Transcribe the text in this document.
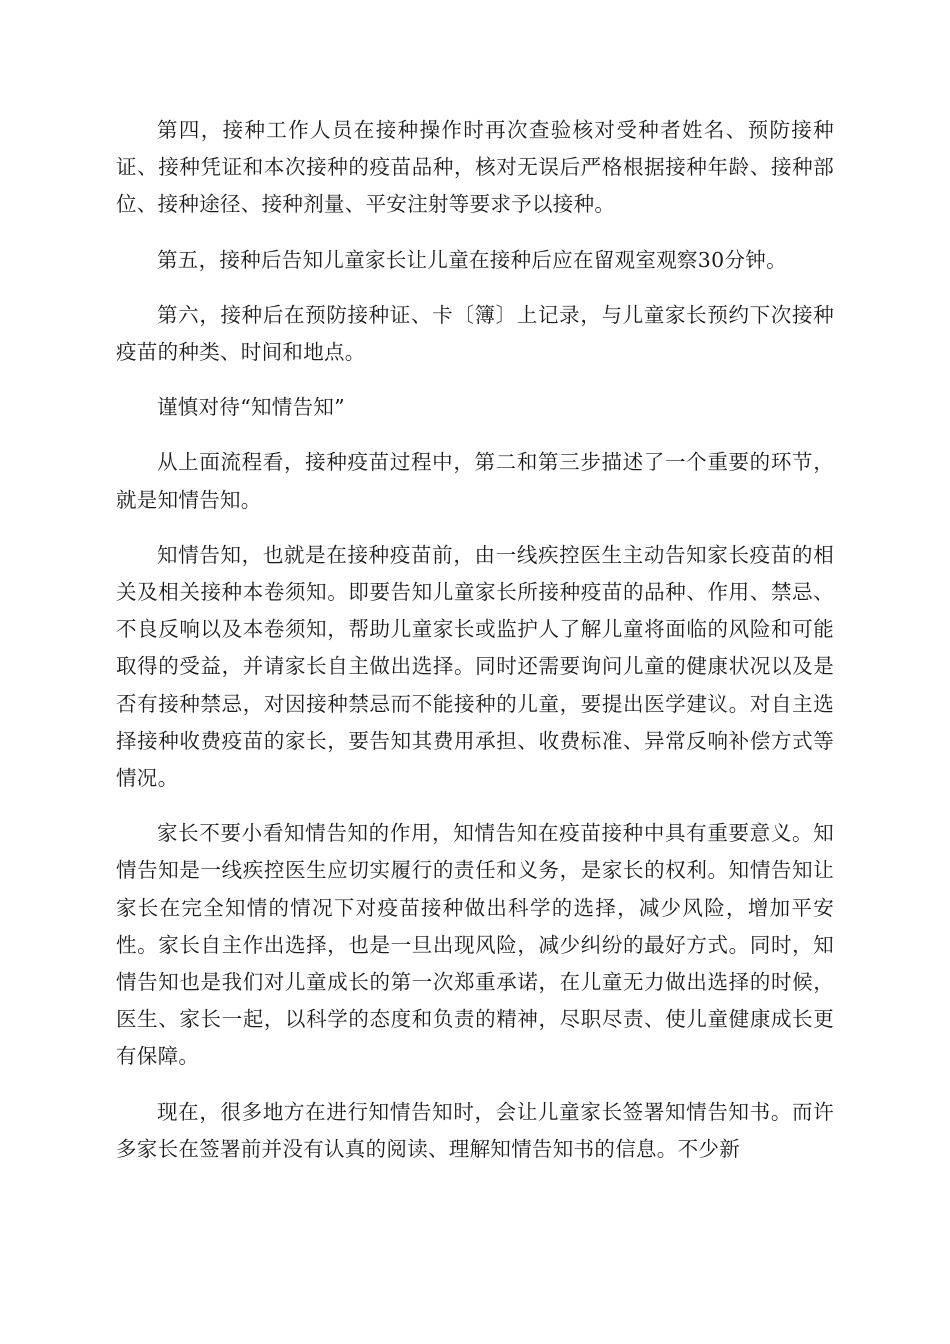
第四，接种工作人员在接种操作时再次查验核对受种者姓名、预防接种证、接种凭证和本次接种的疫苗品种，核对无误后严格根据接种年龄、接种部位、接种途径、接种剂量、平安注射等要求予以接种。

第五，接种后告知儿童家长让儿童在接种后应在留观室观察30分钟。

第六，接种后在预防接种证、卡〔簿〕上记录，与儿童家长预约下次接种疫苗的种类、时间和地点。

谨慎对待“知情告知”

从上面流程看，接种疫苗过程中，第二和第三步描述了一个重要的环节，就是知情告知。

知情告知，也就是在接种疫苗前，由一线疾控医生主动告知家长疫苗的相关及相关接种本卷须知。即要告知儿童家长所接种疫苗的品种、作用、禁忌、不良反响以及本卷须知，帮助儿童家长或监护人了解儿童将面临的风险和可能取得的受益，并请家长自主做出选择。同时还需要询问儿童的健康状况以及是否有接种禁忌，对因接种禁忌而不能接种的儿童，要提出医学建议。对自主选择接种收费疫苗的家长，要告知其费用承担、收费标准、异常反响补偿方式等情况。

家长不要小看知情告知的作用，知情告知在疫苗接种中具有重要意义。知情告知是一线疾控医生应切实履行的责任和义务，是家长的权利。知情告知让家长在完全知情的情况下对疫苗接种做出科学的选择，减少风险，增加平安性。家长自主作出选择，也是一旦出现风险，减少纠纷的最好方式。同时，知情告知也是我们对儿童成长的第一次郑重承诺，在儿童无力做出选择的时候，医生、家长一起，以科学的态度和负责的精神，尽职尽责、使儿童健康成长更有保障。

现在，很多地方在进行知情告知时，会让儿童家长签署知情告知书。而许多家长在签署前并没有认真的阅读、理解知情告知书的信息。不少新
